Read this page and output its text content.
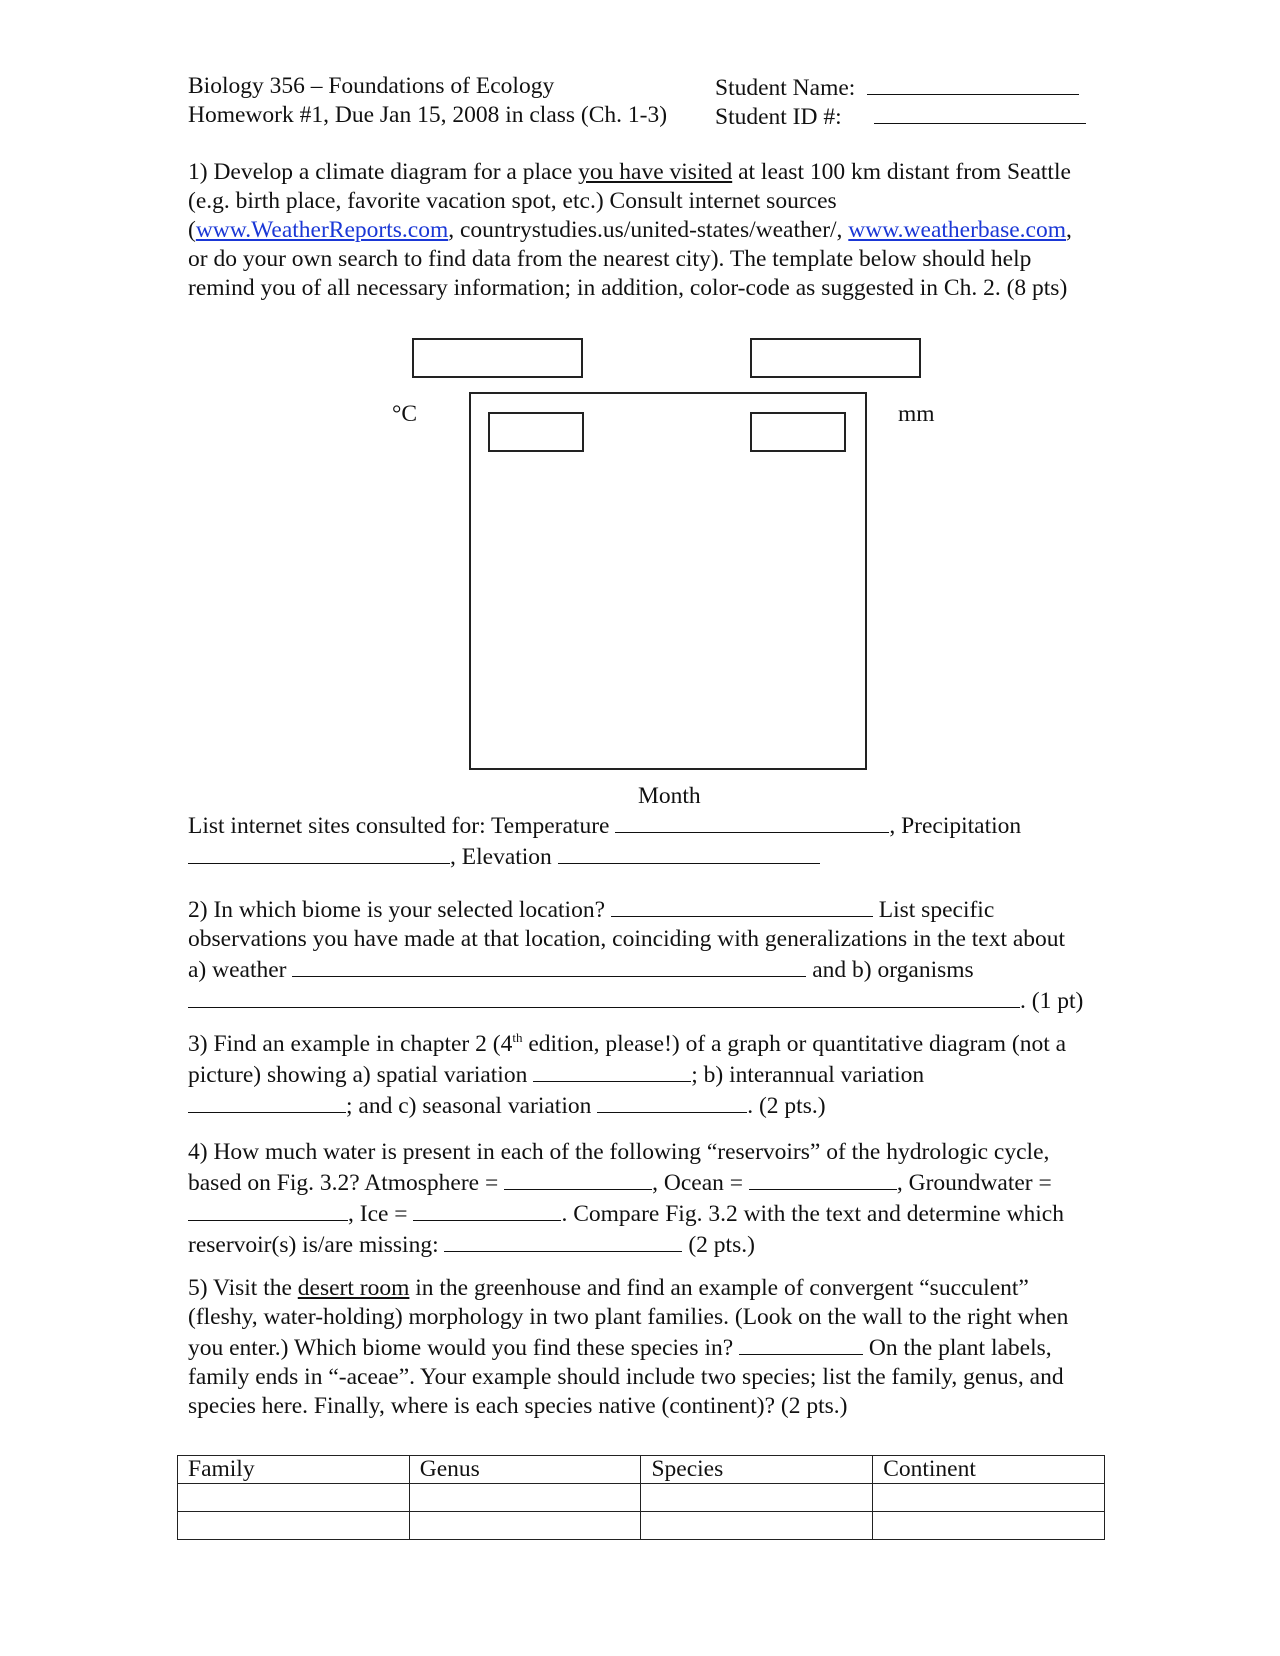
Biology 356 – Foundations of Ecology
Homework #1, Due Jan 15, 2008 in class (Ch. 1-3)
Student Name:
Student ID #:

1) Develop a climate diagram for a place you have visited at least 100 km distant from Seattle (e.g. birth place, favorite vacation spot, etc.) Consult internet sources (www.WeatherReports.com, countrystudies.us/united-states/weather/, www.weatherbase.com, or do your own search to find data from the nearest city). The template below should help remind you of all necessary information; in addition, color-code as suggested in Ch. 2. (8 pts)

°C	mm
Month

List internet sites consulted for: Temperature	, Precipitation
, Elevation

2) In which biome is your selected location?	List specific observations you have made at that location, coinciding with generalizations in the text about a) weather	and b) organisms
. (1 pt)

3) Find an example in chapter 2 (4th edition, please!) of a graph or quantitative diagram (not a picture) showing a) spatial variation	; b) interannual variation
; and c) seasonal variation	. (2 pts.)

4) How much water is present in each of the following “reservoirs” of the hydrologic cycle, based on Fig. 3.2? Atmosphere =	, Ocean =	, Groundwater = , Ice =	. Compare Fig. 3.2 with the text and determine which reservoir(s) is/are missing:	(2 pts.)

5) Visit the desert room in the greenhouse and find an example of convergent “succulent” (fleshy, water-holding) morphology in two plant families. (Look on the wall to the right when you enter.) Which biome would you find these species in?	On the plant labels, family ends in “-aceae”. Your example should include two species; list the family, genus, and species here. Finally, where is each species native (continent)? (2 pts.)

Family	Genus	Species	Continent
